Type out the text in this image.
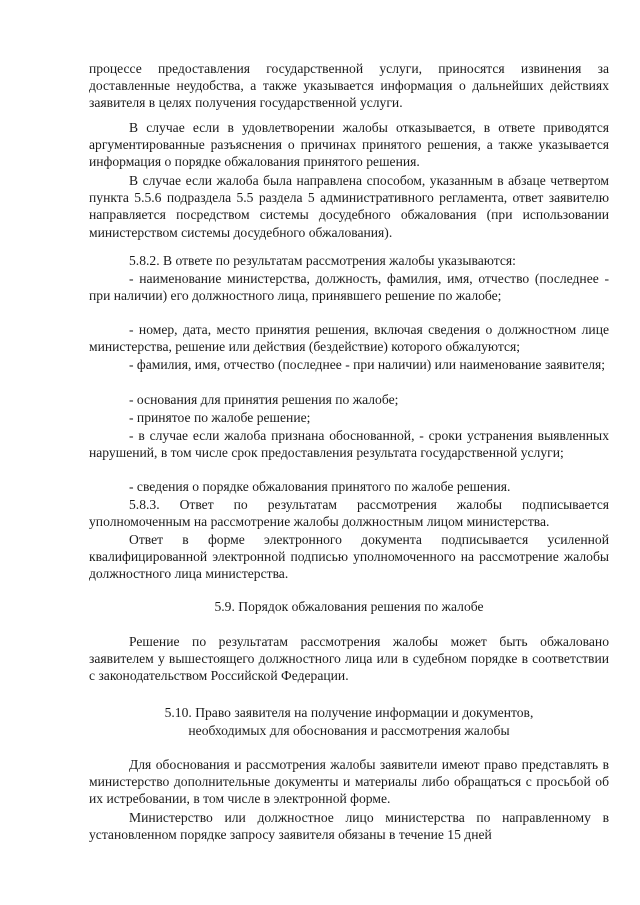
процессе предоставления государственной услуги, приносятся извинения за доставленные неудобства, а также указывается информация о дальнейших действиях заявителя в целях получения государственной услуги.

В случае если в удовлетворении жалобы отказывается, в ответе приводятся аргументированные разъяснения о причинах принятого решения, а также указывается информация о порядке обжалования принятого решения.

В случае если жалоба была направлена способом, указанным в абзаце четвертом пункта 5.5.6 подраздела 5.5 раздела 5 административного регламента, ответ заявителю направляется посредством системы досудебного обжалования (при использовании министерством системы досудебного обжалования).

5.8.2. В ответе по результатам рассмотрения жалобы указываются:

- наименование министерства, должность, фамилия, имя, отчество (последнее - при наличии) его должностного лица, принявшего решение по жалобе;

- номер, дата, место принятия решения, включая сведения о должностном лице министерства, решение или действия (бездействие) которого обжалуются;

- фамилия, имя, отчество (последнее - при наличии) или наименование заявителя;

- основания для принятия решения по жалобе;

- принятое по жалобе решение;

- в случае если жалоба признана обоснованной, - сроки устранения выявленных нарушений, в том числе срок предоставления результата государственной услуги;

- сведения о порядке обжалования принятого по жалобе решения.

5.8.3. Ответ по результатам рассмотрения жалобы подписывается уполномоченным на рассмотрение жалобы должностным лицом министерства.

Ответ в форме электронного документа подписывается усиленной квалифицированной электронной подписью уполномоченного на рассмотрение жалобы должностного лица министерства.

5.9. Порядок обжалования решения по жалобе

Решение по результатам рассмотрения жалобы может быть обжаловано заявителем у вышестоящего должностного лица или в судебном порядке в соответствии с законодательством Российской Федерации.

5.10. Право заявителя на получение информации и документов,

необходимых для обоснования и рассмотрения жалобы

Для обоснования и рассмотрения жалобы заявители имеют право представлять в министерство дополнительные документы и материалы либо обращаться с просьбой об их истребовании, в том числе в электронной форме.

Министерство или должностное лицо министерства по направленному в установленном порядке запросу заявителя обязаны в течение 15 дней
